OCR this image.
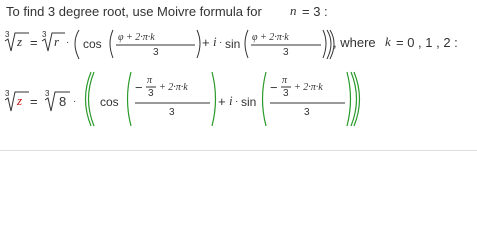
To find 3 degree root, use Moivre formula for n = 3 :
3 z =
3 r · cos φ + 2·π·k
3
+ i · sin φ + 2·π·k
3
, where k = 0 , 1 , 2 :
3 z =
3
8 · cos
− π
3
+ 2·π·k
3
+ i · sin
− π
3
+ 2·π·k
3
